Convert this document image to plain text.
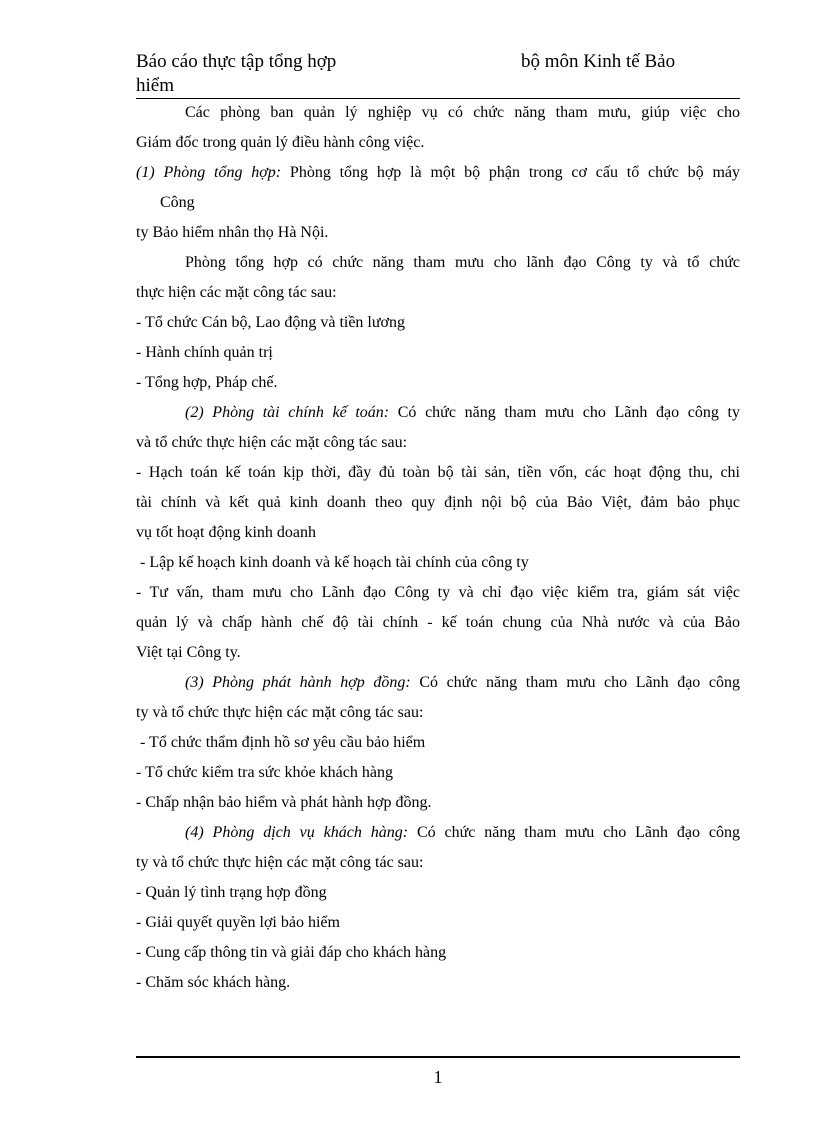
Báo cáo thực tập tổng hợp	bộ môn Kinh tế Bảo
hiểm

Các phòng ban quản lý nghiệp vụ có chức năng tham mưu, giúp việc cho

Giám đốc trong quản lý điều hành công việc.

(1) Phòng tổng hợp: Phòng tổng hợp là một bộ phận trong cơ cấu tổ chức bộ máy

Công

ty Bảo hiểm nhân thọ Hà Nội.

Phòng tổng hợp có chức năng tham mưu cho lãnh đạo Công ty và tổ chức

thực hiện các mặt công tác sau:

- Tổ chức Cán bộ, Lao động và tiền lương

- Hành chính quản trị

- Tổng hợp, Pháp chế.

(2) Phòng tài chính kế toán: Có chức năng tham mưu cho Lãnh đạo công ty

và tổ chức thực hiện các mặt công tác sau:

- Hạch toán kế toán kịp thời, đầy đủ toàn bộ tài sản, tiền vốn, các hoạt động thu, chi

tài chính và kết quả kinh doanh theo quy định nội bộ của Bảo Việt, đảm bảo phục

vụ tốt hoạt động kinh doanh

- Lập kế hoạch kinh doanh và kế hoạch tài chính của công ty

- Tư vấn, tham mưu cho Lãnh đạo Công ty và chỉ đạo việc kiểm tra, giám sát việc

quản lý và chấp hành chế độ tài chính - kế toán chung của Nhà nước và của Bảo

Việt tại Công ty.

(3) Phòng phát hành hợp đồng: Có chức năng tham mưu cho Lãnh đạo công

ty và tổ chức thực hiện các mặt công tác sau:

- Tổ chức thẩm định hồ sơ yêu cầu bảo hiểm

- Tổ chức kiểm tra sức khỏe khách hàng

- Chấp nhận bảo hiểm và phát hành hợp đồng.

(4) Phòng dịch vụ khách hàng: Có chức năng tham mưu cho Lãnh đạo công

ty và tổ chức thực hiện các mặt công tác sau:

- Quản lý tình trạng hợp đồng

- Giải quyết quyền lợi bảo hiểm

- Cung cấp thông tin và giải đáp cho khách hàng

- Chăm sóc khách hàng.

1
